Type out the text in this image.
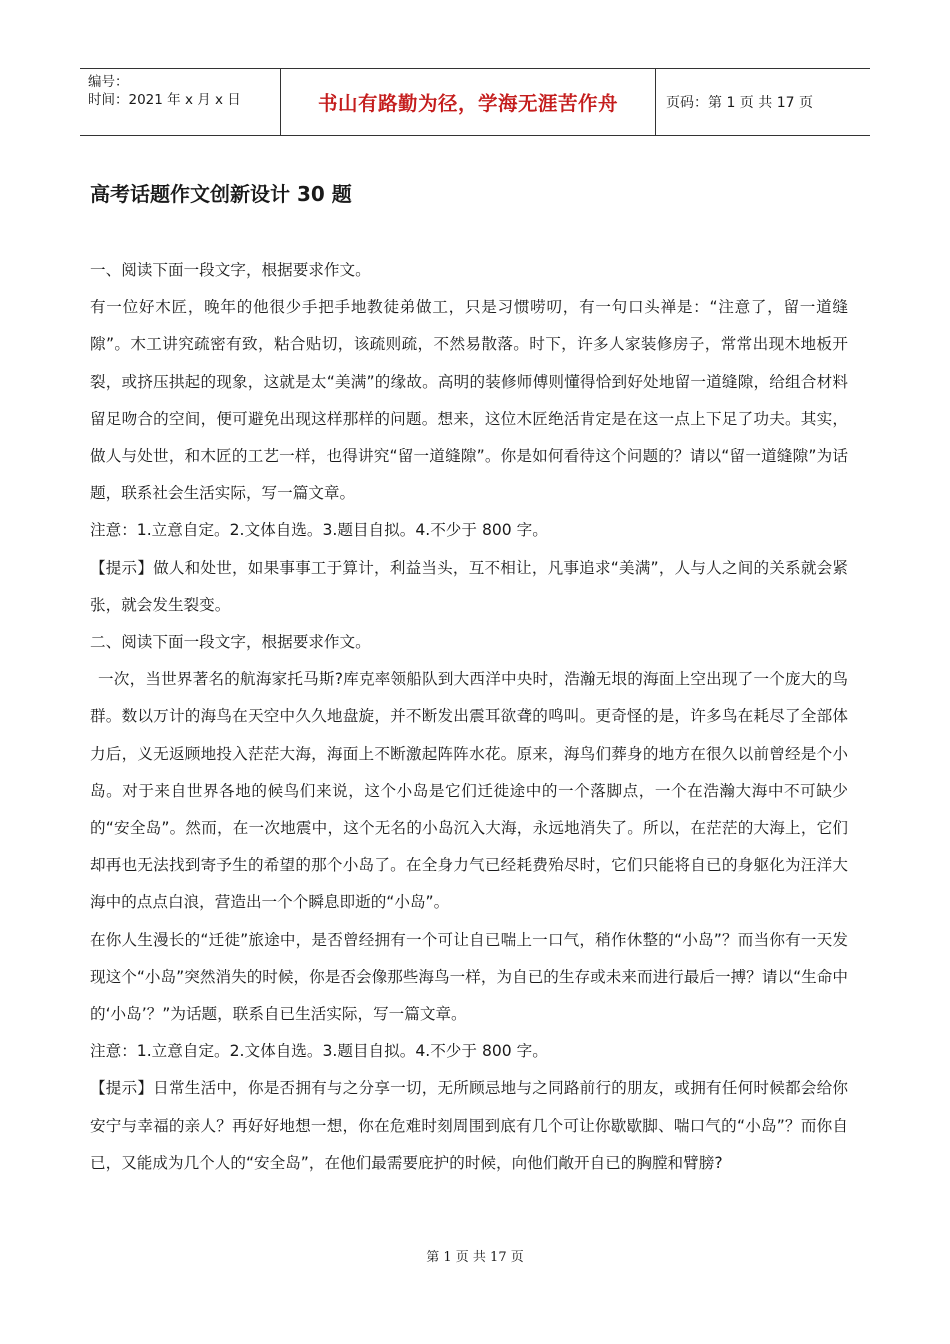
编号：
时间：2021 年 x 月 x 日	书山有路勤为径，学海无涯苦作舟	页码：第 1 页 共 17 页
高考话题作文创新设计 30 题

一、阅读下面一段文字，根据要求作文。

有一位好木匠，晚年的他很少手把手地教徒弟做工，只是习惯唠叨，有一句口头禅是：“注意了，留一道缝隙”。木工讲究疏密有致，粘合贴切，该疏则疏，不然易散落。时下，许多人家装修房子，常常出现木地板开裂，或挤压拱起的现象，这就是太“美满”的缘故。高明的装修师傅则懂得恰到好处地留一道缝隙，给组合材料留足吻合的空间，便可避免出现这样那样的问题。想来，这位木匠绝活肯定是在这一点上下足了功夫。其实，做人与处世，和木匠的工艺一样，也得讲究“留一道缝隙”。你是如何看待这个问题的？请以“留一道缝隙”为话题，联系社会生活实际，写一篇文章。

注意：1.立意自定。2.文体自选。3.题目自拟。4.不少于 800 字。

【提示】做人和处世，如果事事工于算计，利益当头，互不相让，凡事追求“美满”，人与人之间的关系就会紧张，就会发生裂变。

二、阅读下面一段文字，根据要求作文。

一次，当世界著名的航海家托马斯?库克率领船队到大西洋中央时，浩瀚无垠的海面上空出现了一个庞大的鸟群。数以万计的海鸟在天空中久久地盘旋，并不断发出震耳欲聋的鸣叫。更奇怪的是，许多鸟在耗尽了全部体力后，义无返顾地投入茫茫大海，海面上不断激起阵阵水花。原来，海鸟们葬身的地方在很久以前曾经是个小岛。对于来自世界各地的候鸟们来说，这个小岛是它们迁徙途中的一个落脚点，一个在浩瀚大海中不可缺少的“安全岛”。然而，在一次地震中，这个无名的小岛沉入大海，永远地消失了。所以，在茫茫的大海上，它们却再也无法找到寄予生的希望的那个小岛了。在全身力气已经耗费殆尽时，它们只能将自已的身躯化为汪洋大海中的点点白浪，营造出一个个瞬息即逝的“小岛”。

在你人生漫长的“迁徙”旅途中，是否曾经拥有一个可让自已喘上一口气，稍作休整的“小岛”？而当你有一天发现这个“小岛”突然消失的时候，你是否会像那些海鸟一样，为自已的生存或未来而进行最后一搏？请以“生命中的‘小岛’？”为话题，联系自已生活实际，写一篇文章。

注意：1.立意自定。2.文体自选。3.题目自拟。4.不少于 800 字。

【提示】日常生活中，你是否拥有与之分享一切，无所顾忌地与之同路前行的朋友，或拥有任何时候都会给你安宁与幸福的亲人？再好好地想一想，你在危难时刻周围到底有几个可让你歇歇脚、喘口气的“小岛”？而你自已，又能成为几个人的“安全岛”，在他们最需要庇护的时候，向他们敞开自已的胸膛和臂膀?

第 1 页 共 17 页
